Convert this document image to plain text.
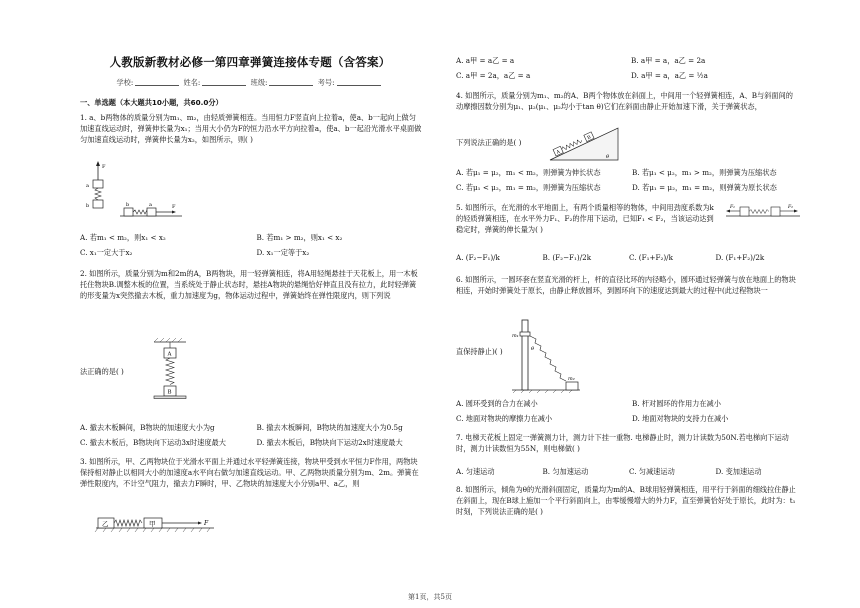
人教版新教材必修一第四章弹簧连接体专题（含答案）
学校:	姓名:	班级:	考号:
一、单选题（本大题共10小题，共60.0分）

1. a、b两物体的质量分别为m₁、m₂，由轻质弹簧相连。当用恒力F竖直向上拉着a，使a、b一起向上做匀加速直线运动时，弹簧伸长量为x₁；当用大小仍为F的恒力沿水平方向拉着a，使a、b一起沿光滑水平桌面做匀加速直线运动时，弹簧伸长量为x₂，如图所示，则( )

F
a
b	b	a	F
A. 若m₁ < m₂，则x₁ < x₂	B. 若m₁ > m₂，则x₁ < x₂
C. x₁一定大于x₂	D. x₁一定等于x₂

2. 如图所示，质量分别为m和2m的A，B两物块，用一轻弹簧相连，将A用轻绳悬挂于天花板上，用一木板托住物块B.调整木板的位置，当系统处于静止状态时，悬挂A物块的悬绳恰好伸直且没有拉力，此时轻弹簧的形变量为x突然撤去木板，重力加速度为g，物体运动过程中，弹簧始终在弹性限度内，则下列说

A
B

法正确的是( )

A. 撤去木板瞬间，B物块的加速度大小为g	B. 撤去木板瞬间，B物块的加速度大小为0.5g
C. 撤去木板后，B物块向下运动3x时速度最大	D. 撤去木板后，B物块向下运动2x时速度最大

3. 如图所示，甲、乙两物块位于光滑水平面上并通过水平轻弹簧连接，物块甲受到水平恒力F作用，两物块保持相对静止以相同大小的加速度a水平向右做匀加速直线运动。甲、乙两物块质量分别为m、2m。弹簧在弹性限度内，不计空气阻力，撤去力F瞬时，甲、乙物块的加速度大小分别a甲、a乙，则

乙	甲	F
A. a甲 = a乙 = a	B. a甲 = a，a乙 = 2a
C. a甲 = 2a，a乙 = a	D. a甲 = a，a乙 = ½a

4. 如图所示，质量分别为m₁、m₂的A、B两个物体放在斜面上，中间用一个轻弹簧相连，A、B与斜面间的动摩擦因数分别为μ₁、μ₂(μ₁、μ₂均小于tan θ)它们在斜面由静止开始加速下滑，关于弹簧状态，

A
B
θ

下列说法正确的是( )

A. 若μ₁ = μ₂，m₁ < m₂，则弹簧为伸长状态	B. 若μ₁ < μ₂，m₁ > m₂，则弹簧为压缩状态
C. 若μ₁ < μ₂，m₁ = m₂，则弹簧为压缩状态	D. 若μ₁ = μ₂，m₁ = m₂，则弹簧为原长状态

5. 如图所示，在光滑的水平地面上，有两个质量相等的物体，中间用劲度系数为k的轻质弹簧相连，在水平外力F₁、F₂的作用下运动，已知F₁ < F₂，当该运动达到稳定时，弹簧的伸长量为( )

F₁	F₂
A. (F₂−F₁)/k	B. (F₂−F₁)/2k	C. (F₁+F₂)/k	D. (F₁+F₂)/2k

6. 如图所示，一圆环套在竖直光滑的杆上，杆的直径比环的内径略小，圆环通过轻弹簧与放在地面上的物块相连，开始时弹簧处于原长，由静止释放圆环，到圆环向下的速度达到最大的过程中(此过程物块一

m₁
θ
m₂

直保持静止)( )

A. 圆环受到的合力在减小	B. 杆对圆环的作用力在减小
C. 地面对物块的摩擦力在减小	D. 地面对物块的支持力在减小

7. 电梯天花板上固定一弹簧测力计，测力计下挂一重物. 电梯静止时，测力计读数为50N.若电梯向下运动时，测力计读数恒为55N，则电梯做( )

A. 匀速运动	B. 匀加速运动	C. 匀减速运动	D. 变加速运动

8. 如图所示，倾角为θ的光滑斜面固定，质量均为m的A、B球用轻弹簧相连，用平行于斜面的细线拉住静止在斜面上，现在B球上施加一个平行斜面向上，由零缓慢增大的外力F，直至弹簧恰好处于原长，此时为：t₁时刻，下列说法正确的是( )

第1页，共5页
